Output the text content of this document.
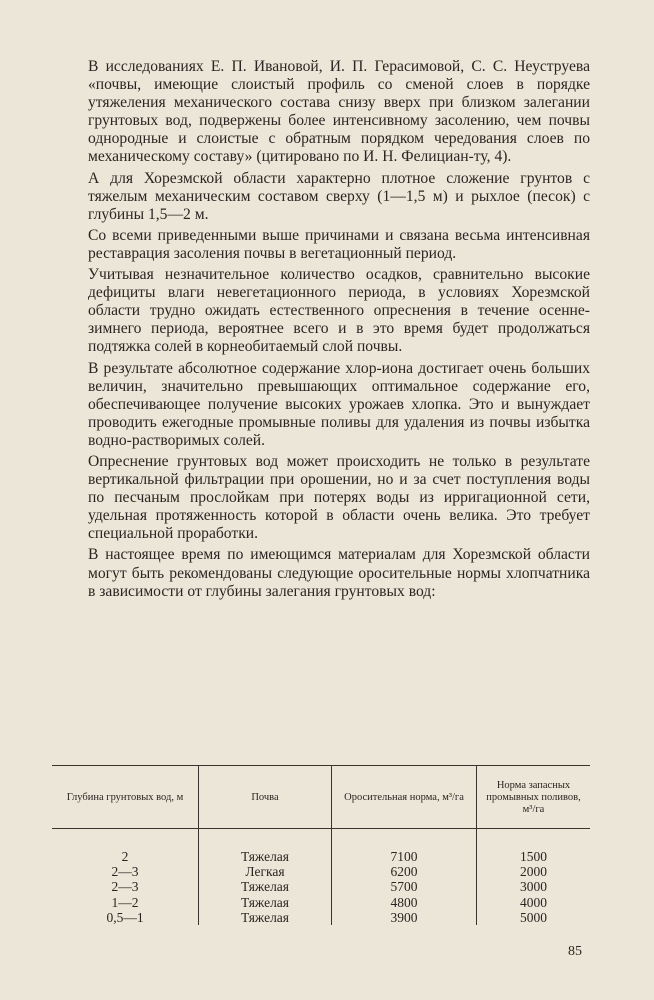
В исследованиях Е. П. Ивановой, И. П. Герасимовой, С. С. Неуструева «почвы, имеющие слоистый профиль со сменой слоев в порядке утяжеления механического состава снизу вверх при близком залегании грунтовых вод, подвержены более интенсивному засолению, чем почвы однородные и слоистые с обратным порядком чередования слоев по механическому составу» (цитировано по И. Н. Фелициан-ту, 4).

А для Хорезмской области характерно плотное сложение грунтов с тяжелым механическим составом сверху (1—1,5 м) и рыхлое (песок) с глубины 1,5—2 м.

Со всеми приведенными выше причинами и связана весьма интенсивная реставрация засоления почвы в вегетационный период.

Учитывая незначительное количество осадков, сравнительно высокие дефициты влаги невегетационного периода, в условиях Хорезмской области трудно ожидать естественного опреснения в течение осенне-зимнего периода, вероятнее всего и в это время будет продолжаться подтяжка солей в корнеобитаемый слой почвы.

В результате абсолютное содержание хлор-иона достигает очень больших величин, значительно превышающих оптимальное содержание его, обеспечивающее получение высоких урожаев хлопка. Это и вынуждает проводить ежегодные промывные поливы для удаления из почвы избытка водно-растворимых солей.

Опреснение грунтовых вод может происходить не только в результате вертикальной фильтрации при орошении, но и за счет поступления воды по песчаным прослойкам при потерях воды из ирригационной сети, удельная протяженность которой в области очень велика. Это требует специальной проработки.

В настоящее время по имеющимся материалам для Хорезмской области могут быть рекомендованы следующие оросительные нормы хлопчатника в зависимости от глубины залегания грунтовых вод:

Глубина грунтовых вод, м	Почва	Оросительная норма, м³/га	Норма запасных промывных поливов, м³/га
2	Тяжелая	7100	1500
2—3	Легкая	6200	2000
2—3	Тяжелая	5700	3000
1—2	Тяжелая	4800	4000
0,5—1	Тяжелая	3900	5000
85
